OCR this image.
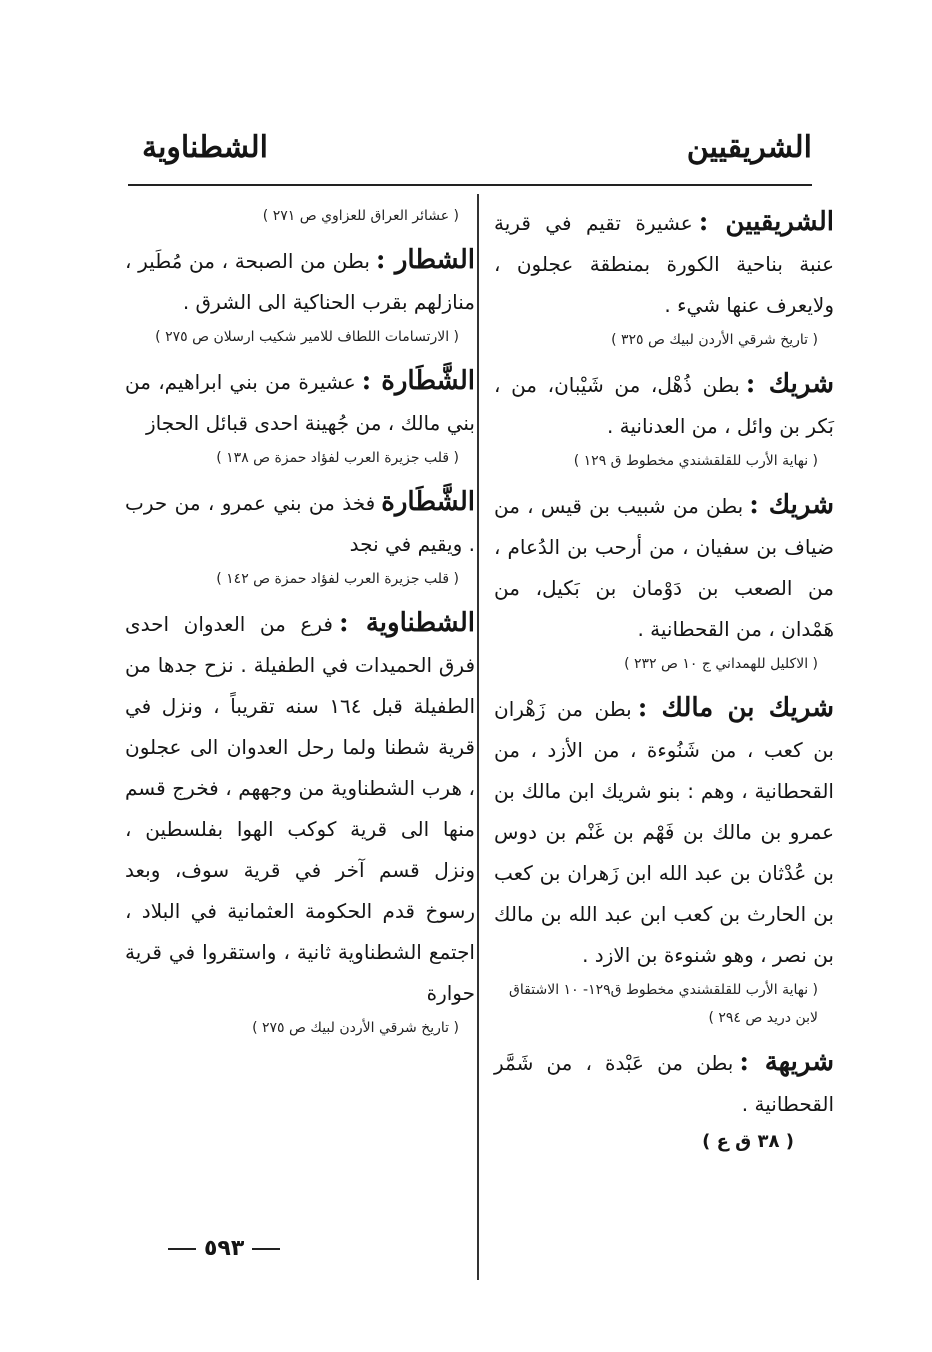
الشريقيين
الشطناوية

الشريقيين :عشيرة تقيم في قرية عنبة بناحية الكورة بمنطقة عجلون ، ولايعرف عنها شيء .

( تاريخ شرقي الأردن لبيك ص ٣٢٥ )

شريك :بطن ذُهْل، من شَيْبان، من ، بَكر بن وائل ، من العدنانية .

( نهاية الأرب للقلقشندي مخطوط ق ١٢٩ )

شريك :بطن من شبيب بن قيس ، من ضياف بن سفيان ، من أرحب بن الدُعام ، من الصعب بن دَوْمان بن بَكيل، من هَمْدان ، من القحطانية .

( الاكليل للهمداني ج ١٠ ص ٢٣٢ )

شريك بن مالك :بطن من زَهْران بن كعب ، من شَنُوءة ، من الأزد ، من القحطانية ، وهم : بنو شريك ابن مالك بن عمرو بن مالك بن فَهْم بن غَنْم بن دوس بن عُدْثان بن عبد الله ابن زَهران بن كعب بن الحارث بن كعب ابن عبد الله بن مالك بن نصر ، وهو شنوءة بن الازد .

( نهاية الأرب للقلقشندي مخطوط ق١٢٩- ١٠ الاشتقاق لابن دريد ص ٢٩٤ )

شريهة :بطن من عَبْدة ، من شَمَّر القحطانية .

( ٣٨ ق ع )
( عشائر العراق للعزاوي ص ٢٧١ )

الشطار :بطن من الصبحة ، من مُطَير ، منازلهم بقرب الحناكية الى الشرق .

( الارتسامات اللطاف للامير شكيب ارسلان ص ٢٧٥ )

الشَّطَارة :عشيرة من بني ابراهيم، من بني مالك ، من جُهينة احدى قبائل الحجاز

( قلب جزيرة العرب لفؤاد حمزة ص ١٣٨ )

الشَّطَارةفخذ من بني عمرو ، من حرب . ويقيم في نجد

( قلب جزيرة العرب لفؤاد حمزة ص ١٤٢ )

الشطناوية :فرع من العدوان احدى فرق الحميدات في الطفيلة . نزح جدها من الطفيلة قبل ١٦٤ سنه تقريباً ، ونزل في قرية شطنا ولما رحل العدوان الى عجلون ، هرب الشطناوية من وجههم ، فخرج قسم منها الى قرية كوكب الهوا بفلسطين ، ونزل قسم آخر في قرية سوف، وبعد رسوخ قدم الحكومة العثمانية في البلاد ، اجتمع الشطناوية ثانية ، واستقروا في قرية حوارة

( تاريخ شرقي الأردن لبيك ص ٢٧٥ )
٥٩٣
